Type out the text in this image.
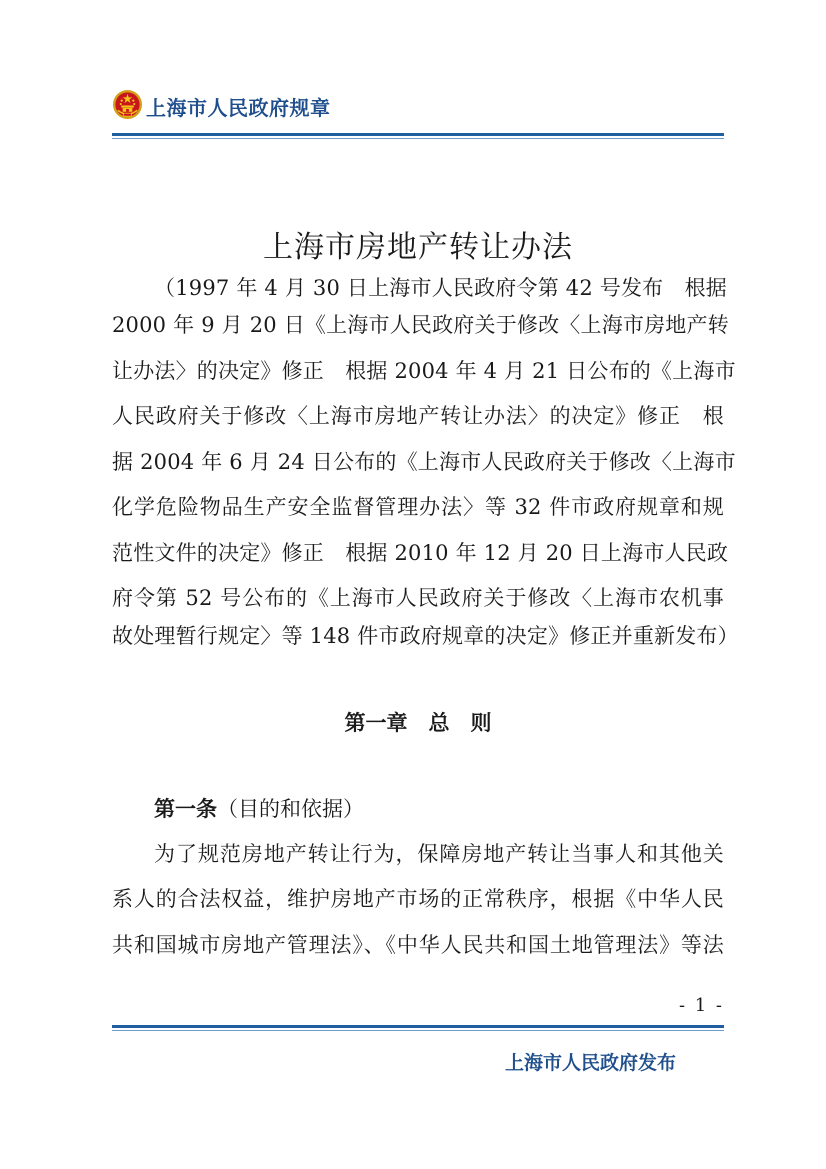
上海市人民政府规章
上海市房地产转让办法
（1997 年 4 月 30 日上海市人民政府令第 42 号发布　根据
2000 年 9 月 20 日《上海市人民政府关于修改〈上海市房地产转
让办法〉的决定》修正　根据 2004 年 4 月 21 日公布的《上海市
人民政府关于修改〈上海市房地产转让办法〉的决定》修正　根
据 2004 年 6 月 24 日公布的《上海市人民政府关于修改〈上海市
化学危险物品生产安全监督管理办法〉等 32 件市政府规章和规
范性文件的决定》修正　根据 2010 年 12 月 20 日上海市人民政
府令第 52 号公布的《上海市人民政府关于修改〈上海市农机事
故处理暂行规定〉等 148 件市政府规章的决定》修正并重新发布）
第一章　总　则
第一条（目的和依据）
为了规范房地产转让行为，保障房地产转让当事人和其他关
系人的合法权益，维护房地产市场的正常秩序，根据《中华人民
共和国城市房地产管理法》、《中华人民共和国土地管理法》等法
- 1 -
上海市人民政府发布
